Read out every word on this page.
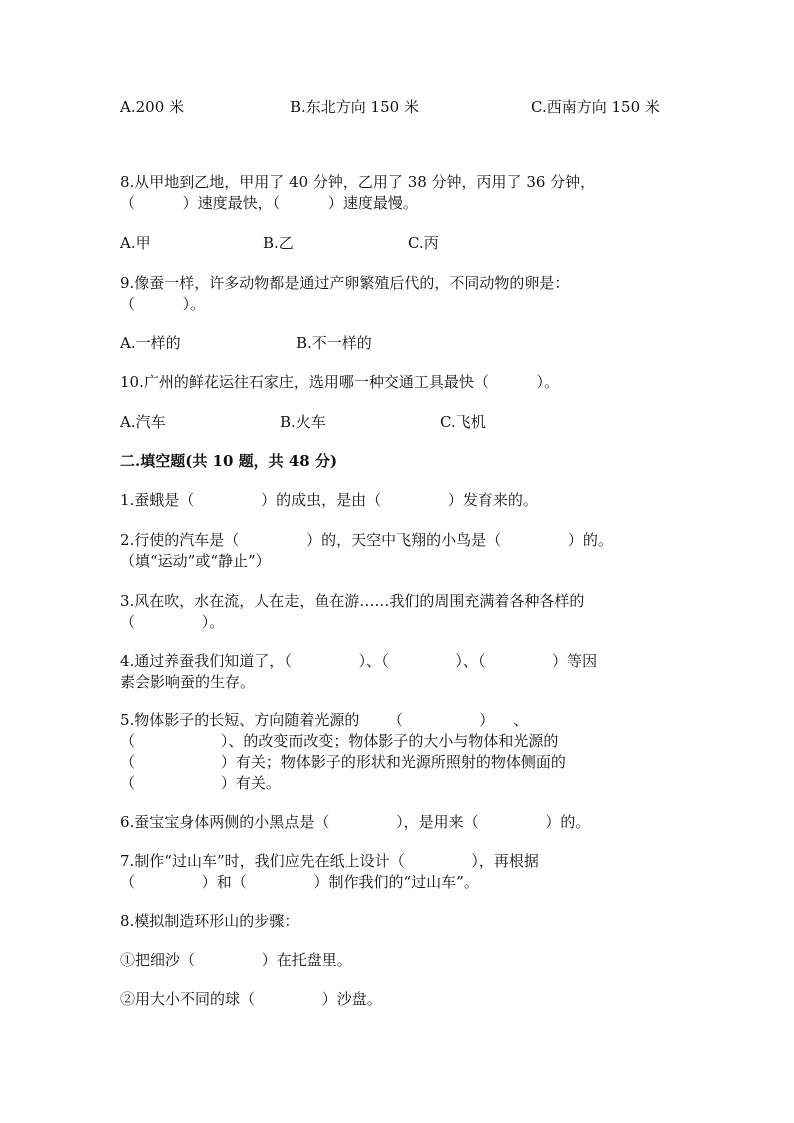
A.200 米	B.东北方向 150 米	C.西南方向 150 米
8.从甲地到乙地，甲用了 40 分钟，乙用了 38 分钟，丙用了 36 分钟，
（          ）速度最快，（          ）速度最慢。
A.甲	B.乙	C.丙
9.像蚕一样，许多动物都是通过产卵繁殖后代的，不同动物的卵是：
（          ）。
A.一样的	B.不一样的
10.广州的鲜花运往石家庄，选用哪一种交通工具最快（          ）。
A.汽车	B.火车	C.飞机
二.填空题(共 10 题，共 48 分)
1.蚕蛾是（              ）的成虫，是由（              ）发育来的。
2.行使的汽车是（              ）的，天空中飞翔的小鸟是（              ）的。
（填“运动”或“静止”）
3.风在吹，水在流，人在走，鱼在游……我们的周围充满着各种各样的
（              ）。
4.通过养蚕我们知道了，（              ）、（              ）、（              ）等因
素会影响蚕的生存。
5.物体影子的长短、方向随着光源的      （                ）    、
（                  ）、的改变而改变；物体影子的大小与物体和光源的
（                  ）有关；物体影子的形状和光源所照射的物体侧面的
（                  ）有关。
6.蚕宝宝身体两侧的小黑点是（              ），是用来（              ）的。
7.制作“过山车”时，我们应先在纸上设计（              ），再根据
（              ）和（              ）制作我们的“过山车”。
8.模拟制造环形山的步骤：
①把细沙（              ）在托盘里。
②用大小不同的球（              ）沙盘。
